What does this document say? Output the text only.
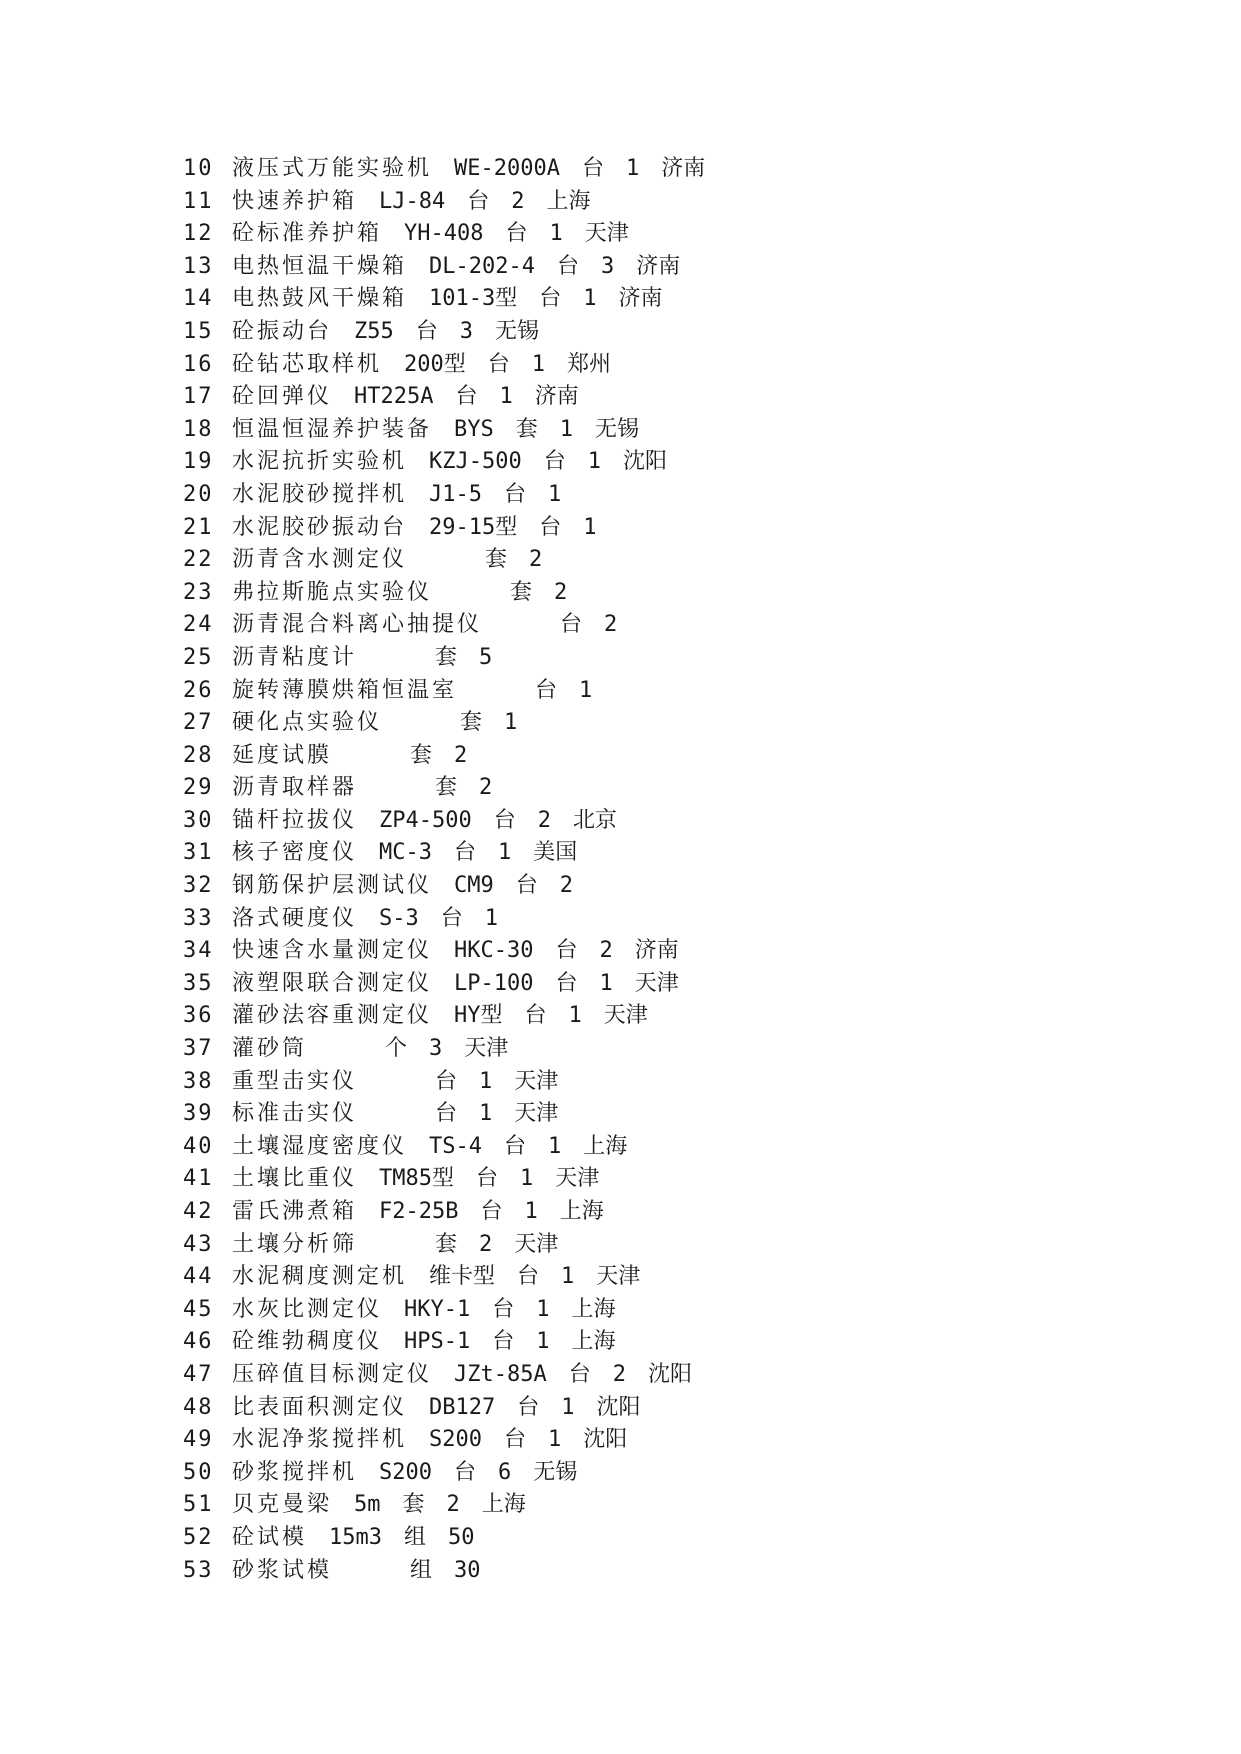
10 液压式万能实验机 WE-2000A 台 1 济南
11 快速养护箱 LJ-84 台 2 上海
12 砼标准养护箱 YH-408 台 1 天津
13 电热恒温干燥箱 DL-202-4 台 3 济南
14 电热鼓风干燥箱 101-3型 台 1 济南
15 砼振动台 Z55 台 3 无锡
16 砼钻芯取样机 200型 台 1 郑州
17 砼回弹仪 HT225A 台 1 济南
18 恒温恒湿养护装备 BYS 套 1 无锡
19 水泥抗折实验机 KZJ-500 台 1 沈阳
20 水泥胶砂搅拌机 J1-5 台 1
21 水泥胶砂振动台 29-15型 台 1
22 沥青含水测定仪	套 2
23 弗拉斯脆点实验仪	套 2
24 沥青混合料离心抽提仪	台 2
25 沥青粘度计	套 5
26 旋转薄膜烘箱恒温室	台 1
27 硬化点实验仪	套 1
28 延度试膜	套 2
29 沥青取样器	套 2
30 锚杆拉拔仪 ZP4-500 台 2 北京
31 核子密度仪 MC-3 台 1 美国
32 钢筋保护层测试仪 CM9 台 2
33 洛式硬度仪 S-3 台 1
34 快速含水量测定仪 HKC-30 台 2 济南
35 液塑限联合测定仪 LP-100 台 1 天津
36 灌砂法容重测定仪 HY型 台 1 天津
37 灌砂筒	个 3 天津
38 重型击实仪	台 1 天津
39 标准击实仪	台 1 天津
40 土壤湿度密度仪 TS-4 台 1 上海
41 土壤比重仪 TM85型 台 1 天津
42 雷氏沸煮箱 F2-25B 台 1 上海
43 土壤分析筛	套 2 天津
44 水泥稠度测定机 维卡型 台 1 天津
45 水灰比测定仪 HKY-1 台 1 上海
46 砼维勃稠度仪 HPS-1 台 1 上海
47 压碎值目标测定仪 JZt-85A 台 2 沈阳
48 比表面积测定仪 DB127 台 1 沈阳
49 水泥净浆搅拌机 S200 台 1 沈阳
50 砂浆搅拌机 S200 台 6 无锡
51 贝克曼梁 5m 套 2 上海
52 砼试模 15m3 组 50
53 砂浆试模	组 30
